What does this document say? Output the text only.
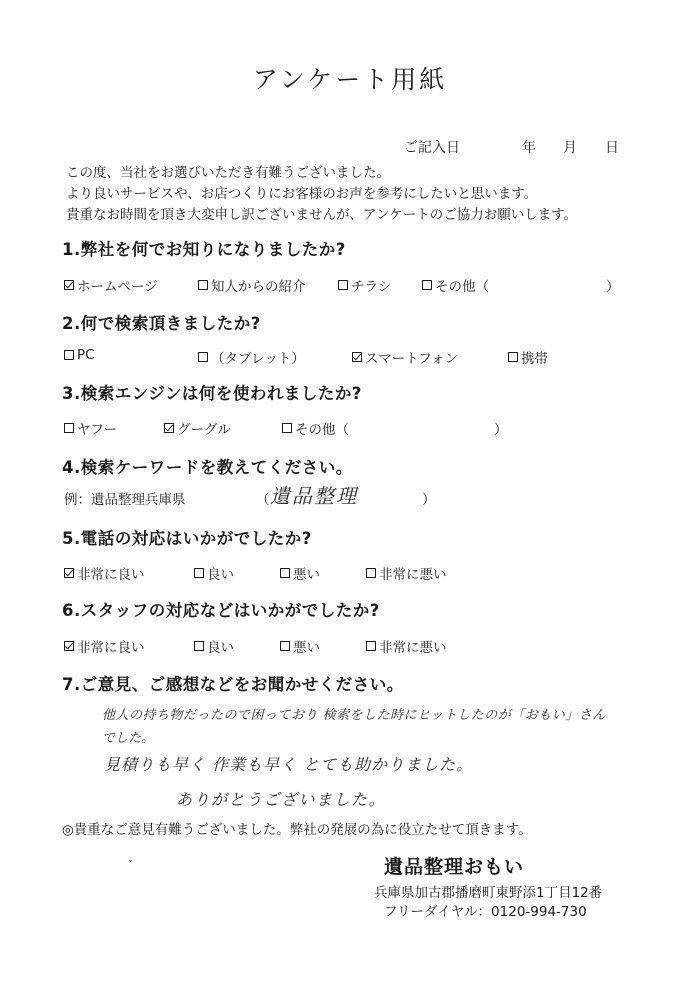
アンケート用紙
ご記入日	年 月 日
この度、当社をお選びいただき有難うございました。
より良いサービスや、お店つくりにお客様のお声を参考にしたいと思います。
貴重なお時間を頂き大変申し訳ございませんが、アンケートのご協力お願いします。
1.弊社を何でお知りになりましたか?
ホームページ	知人からの紹介	チラシ	その他（	）
2.何で検索頂きましたか?
PC	（タブレット）	スマートフォン	携帯
3.検索エンジンは何を使われましたか?
ヤフー	グーグル	その他（	）
4.検索ケーワードを教えてください。
例：遺品整理兵庫県	（ 遺品整理	）
5.電話の対応はいかがでしたか?
非常に良い	良い	悪い	非常に悪い
6.スタッフの対応などはいかがでしたか?
非常に良い	良い	悪い	非常に悪い
7.ご意見、ご感想などをお聞かせください。
他人の持ち物だったので困っており 検索をした時にヒットしたのが「おもい」さん
でした。
見積りも早く 作業も早く とても助かりました。
ありがとうございました。
◎貴重なご意見有難うございました。弊社の発展の為に役立たせて頂きます。
ˇ	遺品整理おもい
兵庫県加古郡播磨町東野添1丁目12番
フリーダイヤル：0120-994-730
